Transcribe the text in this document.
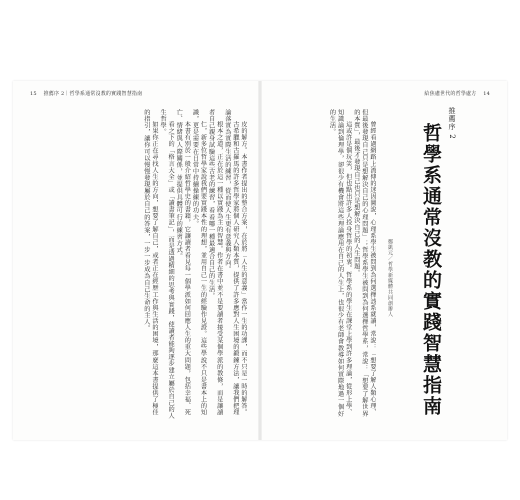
15 推薦序 2｜哲學系通常沒教的實踐智慧指南

皮的解方。本書作者提出的整合方案，在於將「人生的意義」當作一生的功課，而不只是一時的解答。

古希臘和古羅馬的許多哲學家將個人研究人類本質，提供了許多應對人生困境的鍛鍊方法，讓我們把理論落實為實際生活的練習，從而使人生更有意義與方向。

根本之道，正在於這一種以實踐為主的智慧。作者在書中並不是要讀者接受某個學派的教條，而是讓讀者自己親身試驗這些古老的練習，看看哪一種最適合自己的生活。

仁，新多位哲學家說我們要實踐本性的理想，並用自己一生的經驗作見證。這些學說不只是書本上的知識，更是需要在日常中持續操練的功夫。

本書有別於一般介紹哲學史的書籍，它讓讀者看見每一個學派如何回應人生的重大問題，包括幸福、死亡、情緒與人際關係，並提供具體可行的練習方式。

看之下的「格言大全」或「讀書筆記」，而是透過精細的思考與實踐，使讀者能夠逐步建立屬於自己的人生哲學。

如果你正在尋找人生的方向，想要了解自己，或者正在經歷工作與生活的困境，那麼這本書提供了極佳的指引，讓你可以慢慢發現屬於自己的答案，一步一步成為自己生命的主人。

給焦慮世代的哲學處方 14
推薦序 2
哲學系通常沒教的實踐智慧指南
鄭凱元／哲學新媒體共同創辦人

曾經看過網路上流傳的迷因圖說，心理系學生被問到為何選擇該系就讀，常說：「想要了解人類心理、但最後發現自己只是想解決自己的心理問題」；哲學系學生被問到為何選擇哲學系，常說：「想要了解世界的本質」，最後才發現自己也只是想解決自己的人生問題。

這或許是個玩笑，但也點出許多人投身哲學的初衷。哲學系的學生在課堂上學到許多理論，從形上學、知識論到倫理學，卻很少有機會將這些理論應用在自己的人生上，也很少有老師會教導如何實際地過一個好的生活。
